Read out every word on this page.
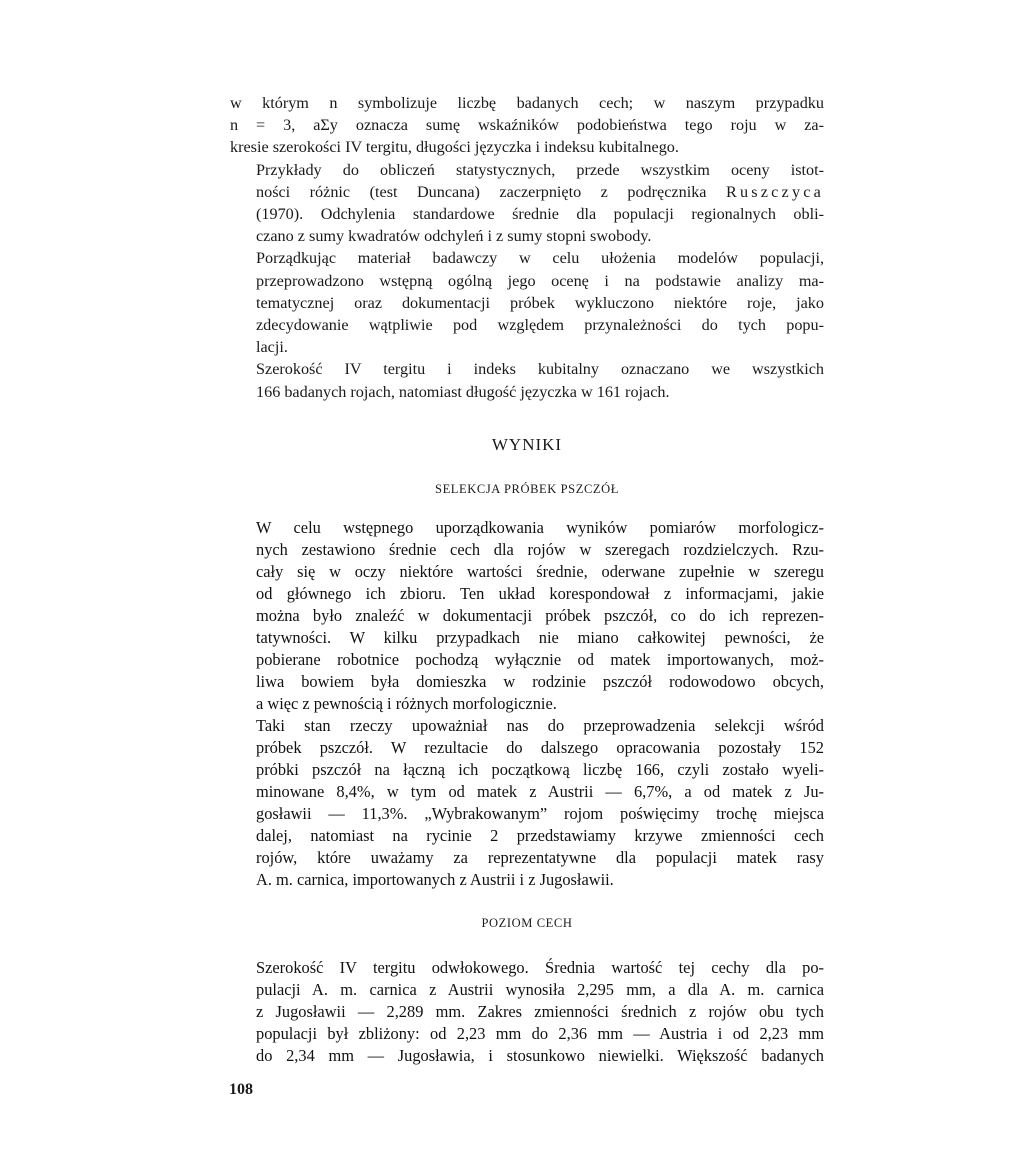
w którym n symbolizuje liczbę badanych cech; w naszym przypadku
n = 3, aΣy oznacza sumę wskaźników podobieństwa tego roju w za-
kresie szerokości IV tergitu, długości języczka i indeksu kubitalnego.

Przykłady do obliczeń statystycznych, przede wszystkim oceny istot-
ności różnic (test Duncana) zaczerpnięto z podręcznika Ruszczyca
(1970). Odchylenia standardowe średnie dla populacji regionalnych obli-
czano z sumy kwadratów odchyleń i z sumy stopni swobody.

Porządkując materiał badawczy w celu ułożenia modelów populacji,
przeprowadzono wstępną ogólną jego ocenę i na podstawie analizy ma-
tematycznej oraz dokumentacji próbek wykluczono niektóre roje, jako
zdecydowanie wątpliwie pod względem przynależności do tych popu-
lacji.

Szerokość IV tergitu i indeks kubitalny oznaczano we wszystkich
166 badanych rojach, natomiast długość języczka w 161 rojach.

WYNIKI
SELEKCJA PRÓBEK PSZCZÓŁ

W celu wstępnego uporządkowania wyników pomiarów morfologicz-
nych zestawiono średnie cech dla rojów w szeregach rozdzielczych. Rzu-
cały się w oczy niektóre wartości średnie, oderwane zupełnie w szeregu
od głównego ich zbioru. Ten układ korespondował z informacjami, jakie
można było znaleźć w dokumentacji próbek pszczół, co do ich reprezen-
tatywności. W kilku przypadkach nie miano całkowitej pewności, że
pobierane robotnice pochodzą wyłącznie od matek importowanych, moż-
liwa bowiem była domieszka w rodzinie pszczół rodowodowo obcych,
a więc z pewnością i różnych morfologicznie.

Taki stan rzeczy upoważniał nas do przeprowadzenia selekcji wśród
próbek pszczół. W rezultacie do dalszego opracowania pozostały 152
próbki pszczół na łączną ich początkową liczbę 166, czyli zostało wyeli-
minowane 8,4%, w tym od matek z Austrii — 6,7%, a od matek z Ju-
gosławii — 11,3%. „Wybrakowanym” rojom poświęcimy trochę miejsca
dalej, natomiast na rycinie 2 przedstawiamy krzywe zmienności cech
rojów, które uważamy za reprezentatywne dla populacji matek rasy
A. m. carnica, importowanych z Austrii i z Jugosławii.

POZIOM CECH

Szerokość IV tergitu odwłokowego. Średnia wartość tej cechy dla po-
pulacji A. m. carnica z Austrii wynosiła 2,295 mm, a dla A. m. carnica
z Jugosławii — 2,289 mm. Zakres zmienności średnich z rojów obu tych
populacji był zbliżony: od 2,23 mm do 2,36 mm — Austria i od 2,23 mm
do 2,34 mm — Jugosławia, i stosunkowo niewielki. Większość badanych

108
